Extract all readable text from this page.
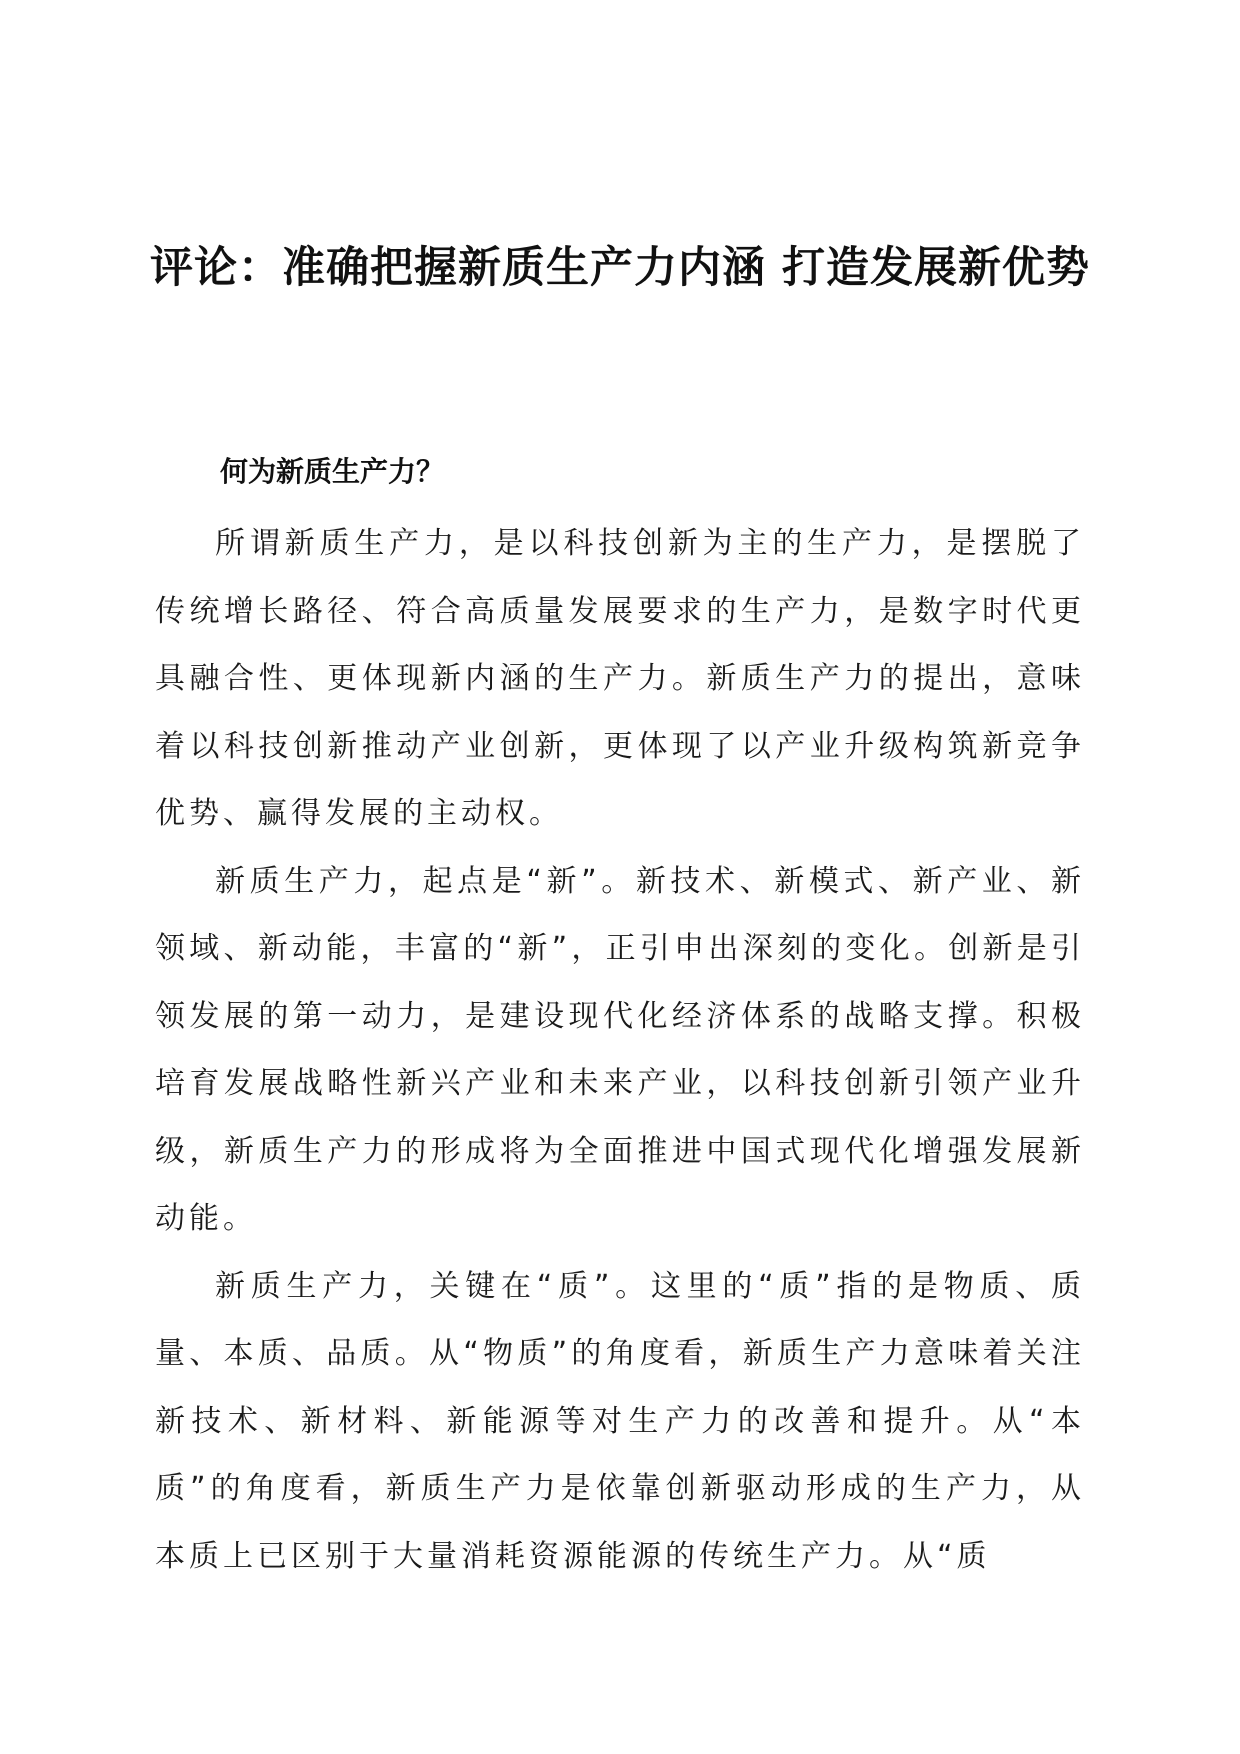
评论：准确把握新质生产力内涵 打造发展新优势
何为新质生产力？

所谓新质生产力，是以科技创新为主的生产力，是摆脱了传统增长路径、符合高质量发展要求的生产力，是数字时代更具融合性、更体现新内涵的生产力。新质生产力的提出，意味着以科技创新推动产业创新，更体现了以产业升级构筑新竞争优势、赢得发展的主动权。

新质生产力，起点是“新”。新技术、新模式、新产业、新领域、新动能，丰富的“新”，正引申出深刻的变化。创新是引领发展的第一动力，是建设现代化经济体系的战略支撑。积极培育发展战略性新兴产业和未来产业，以科技创新引领产业升级，新质生产力的形成将为全面推进中国式现代化增强发展新动能。

新质生产力，关键在“质”。这里的“质”指的是物质、质量、本质、品质。从“物质”的角度看，新质生产力意味着关注新技术、新材料、新能源等对生产力的改善和提升。从“本质”的角度看，新质生产力是依靠创新驱动形成的生产力，从本质上已区别于大量消耗资源能源的传统生产力。从“质
